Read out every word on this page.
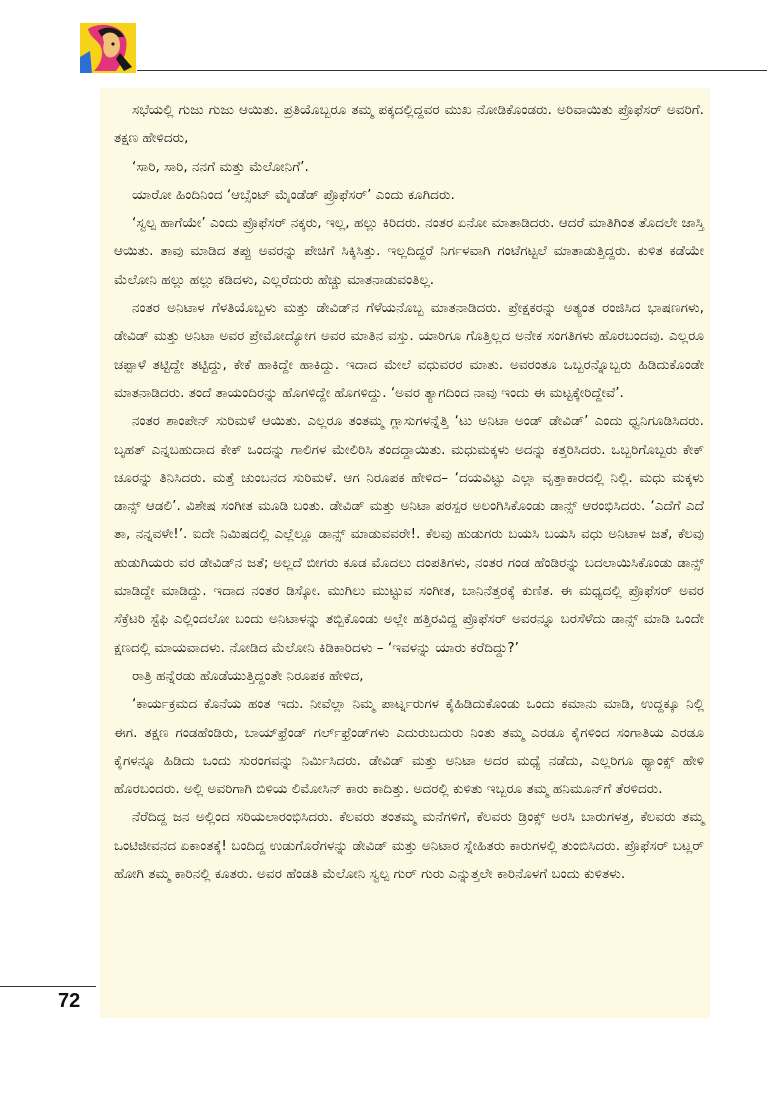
ಸಭೆಯಲ್ಲಿ ಗುಜು ಗುಜು ಆಯಿತು. ಪ್ರತಿಯೊಬ್ಬರೂ ತಮ್ಮ ಪಕ್ಕದಲ್ಲಿದ್ದವರ ಮುಖ ನೋಡಿಕೊಂಡರು. ಅರಿವಾಯಿತು ಪ್ರೊಫೆಸರ್ ಅವರಿಗೆ. ತಕ್ಷಣ ಹೇಳಿದರು,

‘ಸಾರಿ, ಸಾರಿ, ನನಗೆ ಮತ್ತು ಮೆಲೋನಿಗೆ’.

ಯಾರೋ ಹಿಂದಿನಿಂದ ‘ಆಬ್ಸೆಂಟ್ ಮೈಂಡೆಡ್ ಪ್ರೊಫೆಸರ್’ ಎಂದು ಕೂಗಿದರು.

‘ಸ್ವಲ್ಪ ಹಾಗೆಯೇ’ ಎಂದು ಪ್ರೊಫೆಸರ್ ನಕ್ಕರು, ಇಲ್ಲ, ಹಲ್ಲು ಕಿರಿದರು. ನಂತರ ಏನೋ ಮಾತಾಡಿದರು. ಆದರೆ ಮಾತಿಗಿಂತ ತೊದಲೇ ಜಾಸ್ತಿ ಆಯಿತು. ತಾವು ಮಾಡಿದ ತಪ್ಪು ಅವರನ್ನು ಪೇಚಿಗೆ ಸಿಕ್ಕಿಸಿತ್ತು. ಇಲ್ಲದಿದ್ದರೆ ನಿರ್ಗಳವಾಗಿ ಗಂಟೆಗಟ್ಟಲೆ ಮಾತಾಡುತ್ತಿದ್ದರು. ಕುಳಿತ ಕಡೆಯೇ ಮೆಲೋನಿ ಹಲ್ಲು ಹಲ್ಲು ಕಡಿದಳು, ಎಲ್ಲರೆದುರು ಹೆಚ್ಚು ಮಾತನಾಡುವಂತಿಲ್ಲ.

ನಂತರ ಅನಿಟಾಳ ಗೆಳತಿಯೊಬ್ಬಳು ಮತ್ತು ಡೇವಿಡ್‌ನ ಗೆಳೆಯನೊಬ್ಬ ಮಾತನಾಡಿದರು. ಪ್ರೇಕ್ಷಕರನ್ನು ಅತ್ಯಂತ ರಂಜಿಸಿದ ಭಾಷಣಗಳು, ಡೇವಿಡ್ ಮತ್ತು ಅನಿಟಾ ಅವರ ಪ್ರೇಮೋದ್ಯೋಗ ಅವರ ಮಾತಿನ ವಸ್ತು. ಯಾರಿಗೂ ಗೊತ್ತಿಲ್ಲದ ಅನೇಕ ಸಂಗತಿಗಳು ಹೊರಬಂದವು. ಎಲ್ಲರೂ ಚಪ್ಪಾಳೆ ತಟ್ಟಿದ್ದೇ ತಟ್ಟಿದ್ದು, ಕೇಕೆ ಹಾಕಿದ್ದೇ ಹಾಕಿದ್ದು. ಇದಾದ ಮೇಲೆ ವಧುವರರ ಮಾತು. ಅವರಂತೂ ಒಬ್ಬರನ್ನೊಬ್ಬರು ಹಿಡಿದುಕೊಂಡೇ ಮಾತನಾಡಿದರು. ತಂದೆ ತಾಯಂದಿರನ್ನು ಹೊಗಳಿದ್ದೇ ಹೊಗಳಿದ್ದು. ‘ಅವರ ತ್ಯಾಗದಿಂದ ನಾವು ಇಂದು ಈ ಮಟ್ಟಕ್ಕೇರಿದ್ದೇವೆ’.

ನಂತರ ಶಾಂಪೇನ್ ಸುರಿಮಳೆ ಆಯಿತು. ಎಲ್ಲರೂ ತಂತಮ್ಮ ಗ್ಲಾಸುಗಳನ್ನೆತ್ತಿ ‘ಟು ಅನಿಟಾ ಅಂಡ್ ಡೇವಿಡ್’ ಎಂದು ಧ್ವನಿಗೂಡಿಸಿದರು. ಬೃಹತ್ ಎನ್ನಬಹುದಾದ ಕೇಕ್ ಒಂದನ್ನು ಗಾಲಿಗಳ ಮೇಲಿರಿಸಿ ತಂದದ್ದಾಯಿತು. ಮಧುಮಕ್ಕಳು ಅದನ್ನು ಕತ್ತರಿಸಿದರು. ಒಬ್ಬರಿಗೊಬ್ಬರು ಕೇಕ್ ಚೂರನ್ನು ತಿನಿಸಿದರು. ಮತ್ತೆ ಚುಂಬನದ ಸುರಿಮಳೆ. ಆಗ ನಿರೂಪಕ ಹೇಳಿದ– ‘ದಯವಿಟ್ಟು ಎಲ್ಲಾ ವೃತ್ತಾಕಾರದಲ್ಲಿ ನಿಲ್ಲಿ. ಮಧು ಮಕ್ಕಳು ಡಾನ್ಸ್ ಆಡಲಿ’. ವಿಶೇಷ ಸಂಗೀತ ಮೂಡಿ ಬಂತು. ಡೇವಿಡ್ ಮತ್ತು ಅನಿಟಾ ಪರಸ್ಪರ ಅಲಂಗಿಸಿಕೊಂಡು ಡಾನ್ಸ್ ಆರಂಭಿಸಿದರು. ‘ಎದೆಗೆ ಎದೆ ತಾ, ನನ್ನವಳೇ!’. ಐದೇ ನಿಮಿಷದಲ್ಲಿ ಎಲ್ಲೆಲ್ಲೂ ಡಾನ್ಸ್ ಮಾಡುವವರೇ!. ಕೆಲವು ಹುಡುಗರು ಬಯಸಿ ಬಯಸಿ ವಧು ಅನಿಟಾಳ ಜತೆ, ಕೆಲವು ಹುಡುಗಿಯರು ವರ ಡೇವಿಡ್‌ನ ಜತೆ; ಅಲ್ಲದೆ ಬೀಗರು ಕೂಡ ಮೊದಲು ದಂಪತಿಗಳು, ನಂತರ ಗಂಡ ಹೆಂಡಿರನ್ನು ಬದಲಾಯಿಸಿಕೊಂಡು ಡಾನ್ಸ್ ಮಾಡಿದ್ದೇ ಮಾಡಿದ್ದು. ಇದಾದ ನಂತರ ಡಿಸ್ಕೋ. ಮುಗಿಲು ಮುಟ್ಟುವ ಸಂಗೀತ, ಬಾನಿನೆತ್ತರಕ್ಕೆ ಕುಣಿತ. ಈ ಮಧ್ಯದಲ್ಲಿ ಪ್ರೊಫೆಸರ್ ಅವರ ಸೆಕ್ರೆಟರಿ ಸ್ಟೆಫಿ ಎಲ್ಲಿಂದಲೋ ಬಂದು ಅನಿಟಾಳನ್ನು ತಬ್ಬಿಕೊಂಡು ಅಲ್ಲೇ ಹತ್ತಿರವಿದ್ದ ಪ್ರೊಫೆಸರ್ ಅವರನ್ನೂ ಬರಸೆಳೆದು ಡಾನ್ಸ್ ಮಾಡಿ ಒಂದೇ ಕ್ಷಣದಲ್ಲಿ ಮಾಯವಾದಳು. ನೋಡಿದ ಮೆಲೋನಿ ಕಿಡಿಕಾರಿದಳು – ‘ಇವಳನ್ನು ಯಾರು ಕರೆದಿದ್ದು?’

ರಾತ್ರಿ ಹನ್ನೆರಡು ಹೊಡೆಯುತ್ತಿದ್ದಂತೇ ನಿರೂಪಕ ಹೇಳಿದ,

‘ಕಾರ್ಯಕ್ರಮದ ಕೊನೆಯ ಹಂತ ಇದು. ನೀವೆಲ್ಲಾ ನಿಮ್ಮ ಪಾರ್ಟ್ನರುಗಳ ಕೈಹಿಡಿದುಕೊಂಡು ಒಂದು ಕಮಾನು ಮಾಡಿ, ಉದ್ದಕ್ಕೂ ನಿಲ್ಲಿ ಈಗ. ತಕ್ಷಣ ಗಂಡಹೆಂಡಿರು, ಬಾಯ್‌ಫ್ರೆಂಡ್ ಗರ್ಲ್‌ಫ್ರೆಂಡ್‌ಗಳು ಎದುರುಬದುರು ನಿಂತು ತಮ್ಮ ಎರಡೂ ಕೈಗಳಿಂದ ಸಂಗಾತಿಯ ಎರಡೂ ಕೈಗಳನ್ನೂ ಹಿಡಿದು ಒಂದು ಸುರಂಗವನ್ನು ನಿರ್ಮಿಸಿದರು. ಡೇವಿಡ್ ಮತ್ತು ಅನಿಟಾ ಅದರ ಮಧ್ಯೆ ನಡೆದು, ಎಲ್ಲರಿಗೂ ಥ್ಯಾಂಕ್ಸ್ ಹೇಳಿ ಹೊರಬಂದರು. ಅಲ್ಲಿ ಅವರಿಗಾಗಿ ಬಿಳಿಯ ಲಿಮೋಸಿನ್ ಕಾರು ಕಾದಿತ್ತು. ಅದರಲ್ಲಿ ಕುಳಿತು ಇಬ್ಬರೂ ತಮ್ಮ ಹನಿಮೂನ್‌ಗೆ ತೆರಳಿದರು.

ನೆರೆದಿದ್ದ ಜನ ಅಲ್ಲಿಂದ ಸರಿಯಲಾರಂಭಿಸಿದರು. ಕೆಲವರು ತಂತಮ್ಮ ಮನೆಗಳಿಗೆ, ಕೆಲವರು ಡ್ರಿಂಕ್ಸ್ ಅರಸಿ ಬಾರುಗಳತ್ತ, ಕೆಲವರು ತಮ್ಮ ಒಂಟಿಜೀವನದ ಏಕಾಂತಕ್ಕೆ! ಬಂದಿದ್ದ ಉಡುಗೊರೆಗಳನ್ನು ಡೇವಿಡ್ ಮತ್ತು ಅನಿಟಾರ ಸ್ನೇಹಿತರು ಕಾರುಗಳಲ್ಲಿ ತುಂಬಿಸಿದರು. ಪ್ರೊಫೆಸರ್ ಬಟ್ಲರ್ ಹೋಗಿ ತಮ್ಮ ಕಾರಿನಲ್ಲಿ ಕೂತರು. ಅವರ ಹೆಂಡತಿ ಮೆಲೋನಿ ಸ್ವಲ್ಪ ಗುರ್ ಗುರು ಎನ್ನುತ್ತಲೇ ಕಾರಿನೊಳಗೆ ಬಂದು ಕುಳಿತಳು.

72
